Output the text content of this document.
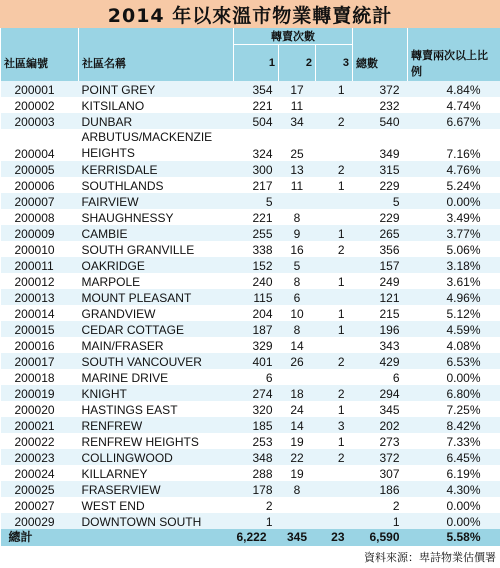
2014 年以來溫市物業轉賣統計
		轉賣次數				
社區編號	社區名稱	1	2	3	總數	轉賣兩次以上比例
200001	POINT GREY	354	17	1	372	4.84%
200002	KITSILANO	221	11		232	4.74%
200003	DUNBAR	504	34	2	540	6.67%
200004	ARBUTUS/MACKENZIE HEIGHTS	324	25		349	7.16%
200005	KERRISDALE	300	13	2	315	4.76%
200006	SOUTHLANDS	217	11	1	229	5.24%
200007	FAIRVIEW	5			5	0.00%
200008	SHAUGHNESSY	221	8		229	3.49%
200009	CAMBIE	255	9	1	265	3.77%
200010	SOUTH GRANVILLE	338	16	2	356	5.06%
200011	OAKRIDGE	152	5		157	3.18%
200012	MARPOLE	240	8	1	249	3.61%
200013	MOUNT PLEASANT	115	6		121	4.96%
200014	GRANDVIEW	204	10	1	215	5.12%
200015	CEDAR COTTAGE	187	8	1	196	4.59%
200016	MAIN/FRASER	329	14		343	4.08%
200017	SOUTH VANCOUVER	401	26	2	429	6.53%
200018	MARINE DRIVE	6			6	0.00%
200019	KNIGHT	274	18	2	294	6.80%
200020	HASTINGS EAST	320	24	1	345	7.25%
200021	RENFREW	185	14	3	202	8.42%
200022	RENFREW HEIGHTS	253	19	1	273	7.33%
200023	COLLINGWOOD	348	22	2	372	6.45%
200024	KILLARNEY	288	19		307	6.19%
200025	FRASERVIEW	178	8		186	4.30%
200027	WEST END	2			2	0.00%
200029	DOWNTOWN SOUTH	1			1	0.00%
總計		6,222	345	23	6,590	5.58%
資料來源：卑詩物業估價署
